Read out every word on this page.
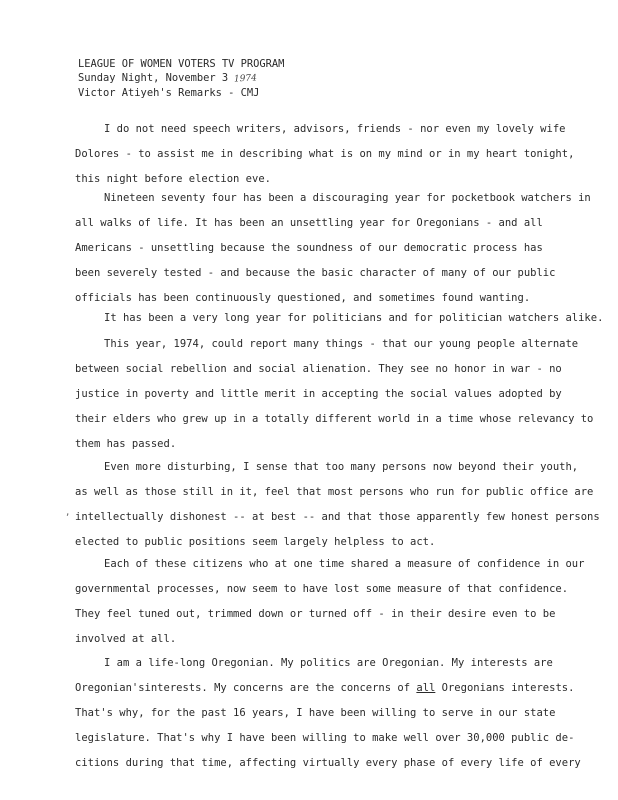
LEAGUE OF WOMEN VOTERS TV PROGRAM
Sunday Night, November 3 1974
Victor Atiyeh's Remarks - CMJ
I do not need speech writers, advisors, friends - nor even my lovely wife
Dolores - to assist me in describing what is on my mind or in my heart tonight,
this night before election eve.
Nineteen seventy four has been a discouraging year for pocketbook watchers in
all walks of life. It has been an unsettling year for Oregonians - and all
Americans - unsettling because the soundness of our democratic process has
been severely tested - and because the basic character of many of our public
officials has been continuously questioned, and sometimes found wanting.
It has been a very long year for politicians and for politician watchers alike.
This year, 1974, could report many things - that our young people alternate
between social rebellion and social alienation. They see no honor in war - no
justice in poverty and little merit in accepting the social values adopted by
their elders who grew up in a totally different world in a time whose relevancy to
them has passed.
Even more disturbing, I sense that too many persons now beyond their youth,
as well as those still in it, feel that most persons who run for public office are
intellectually dishonest -- at best -- and that those apparently few honest persons
elected to public positions seem largely helpless to act.
Each of these citizens who at one time shared a measure of confidence in our
governmental processes, now seem to have lost some measure of that confidence.
They feel tuned out, trimmed down or turned off - in their desire even to be
involved at all.
I am a life-long Oregonian. My politics are Oregonian. My interests are
Oregonian'sinterests. My concerns are the concerns of all Oregonians interests.
That's why, for the past 16 years, I have been willing to serve in our state
legislature. That's why I have been willing to make well over 30,000 public de-
citions during that time, affecting virtually every phase of every life of every
,
